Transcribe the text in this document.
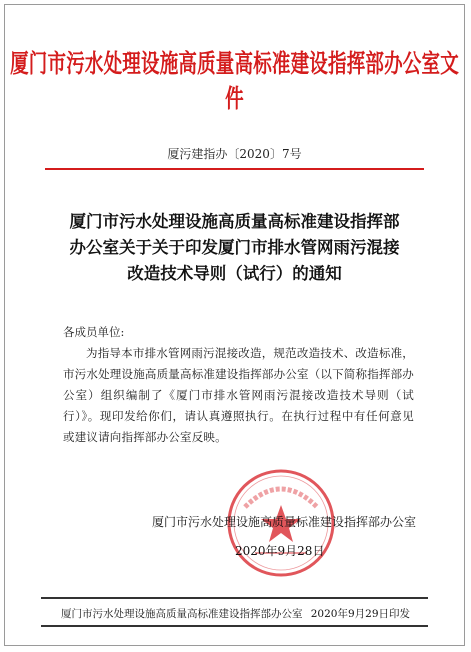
厦门市污水处理设施高质量高标准建设指挥部办公室文件
厦污建指办〔2020〕7号
厦门市污水处理设施高质量高标准建设指挥部
办公室关于关于印发厦门市排水管网雨污混接
改造技术导则（试行）的通知
各成员单位:
为指导本市排水管网雨污混接改造，规范改造技术、改造标准，市污水处理设施高质量高标准建设指挥部办公室（以下简称指挥部办公室）组织编制了《厦门市排水管网雨污混接改造技术导则（试行）》。现印发给你们，请认真遵照执行。在执行过程中有任何意见或建议请向指挥部办公室反映。
厦门市污水处理设施高质量标准建设指挥部办公室
2020年9月28日
厦门市污水处理设施高质量高标准建设指挥部办公室 2020年9月29日印发
